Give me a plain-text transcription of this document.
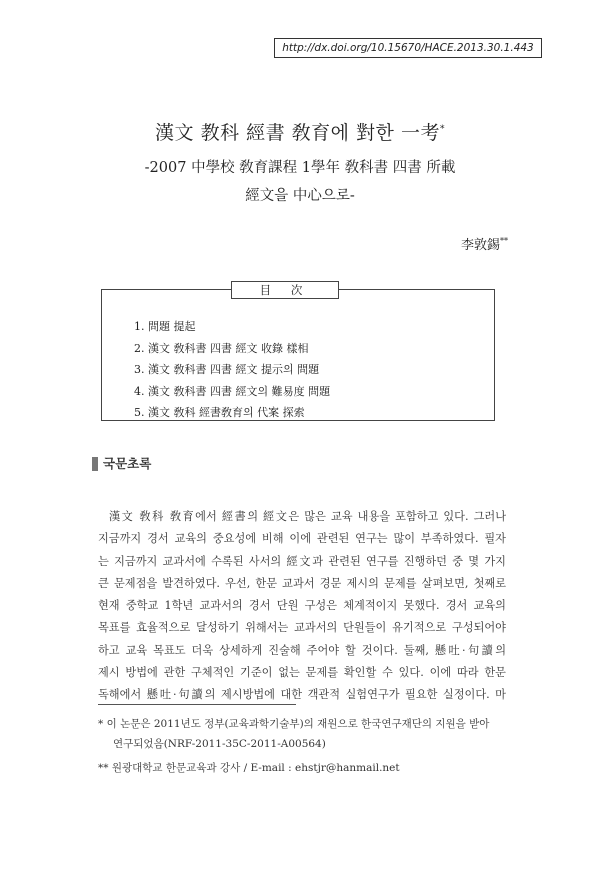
http://dx.doi.org/10.15670/HACE.2013.30.1.443
漢文 教科 經書 敎育에 對한 一考*
-2007 中學校 敎育課程 1學年 敎科書 四書 所載
經文을 中心으로-
李敦錫**
目 次
1. 問題 提起
2. 漢文 敎科書 四書 經文 收錄 樣相
3. 漢文 敎科書 四書 經文 提示의 問題
4. 漢文 敎科書 四書 經文의 難易度 問題
5. 漢文 敎科 經書敎育의 代案 探索
국문초록
漢文 敎科 敎育에서 經書의 經文은 많은 교육 내용을 포함하고 있다. 그러나
지금까지 경서 교육의 중요성에 비해 이에 관련된 연구는 많이 부족하였다. 필자
는 지금까지 교과서에 수록된 사서의 經文과 관련된 연구를 진행하던 중 몇 가지
큰 문제점을 발견하였다. 우선, 한문 교과서 경문 제시의 문제를 살펴보면, 첫째로
현재 중학교 1학년 교과서의 경서 단원 구성은 체계적이지 못했다. 경서 교육의
목표를 효율적으로 달성하기 위해서는 교과서의 단원들이 유기적으로 구성되어야
하고 교육 목표도 더욱 상세하게 진술해 주어야 할 것이다. 둘째, 懸吐·句讀의
제시 방법에 관한 구체적인 기준이 없는 문제를 확인할 수 있다. 이에 따라 한문
독해에서 懸吐·句讀의 제시방법에 대한 객관적 실험연구가 필요한 실정이다. 마
* 이 논문은 2011년도 정부(교육과학기술부)의 재원으로 한국연구재단의 지원을 받아
연구되었음(NRF-2011-35C-2011-A00564)
** 원광대학교 한문교육과 강사 / E-mail : ehstjr@hanmail.net
